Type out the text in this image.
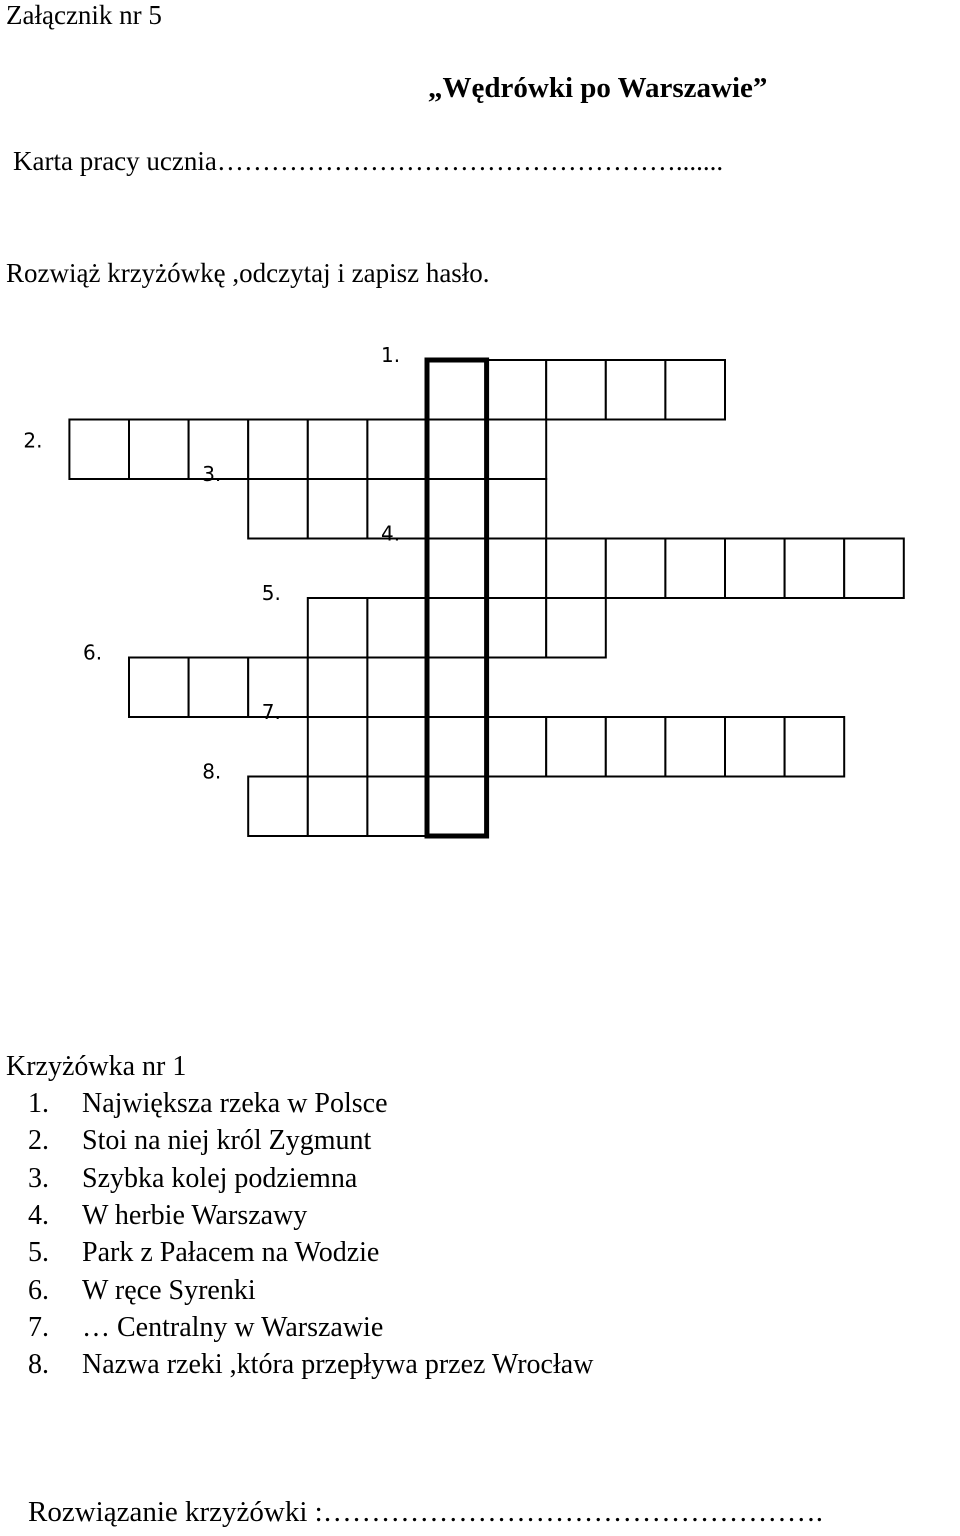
Załącznik nr 5
„Wędrówki po Warszawie”
Karta pracy ucznia…………………………………………….......
Rozwiąż krzyżówkę ,odczytaj i zapisz hasło.
1.
2.
3.
4.
5.
6.
7.
8.
Krzyżówka nr 1
1. Największa rzeka w Polsce
2. Stoi na niej król Zygmunt
3. Szybka kolej podziemna
4. W herbie Warszawy
5. Park z Pałacem na Wodzie
6. W ręce Syrenki
7. … Centralny w Warszawie
8. Nazwa rzeki ,która przepływa przez Wrocław
Rozwiązanie krzyżówki :…………………………………………….
